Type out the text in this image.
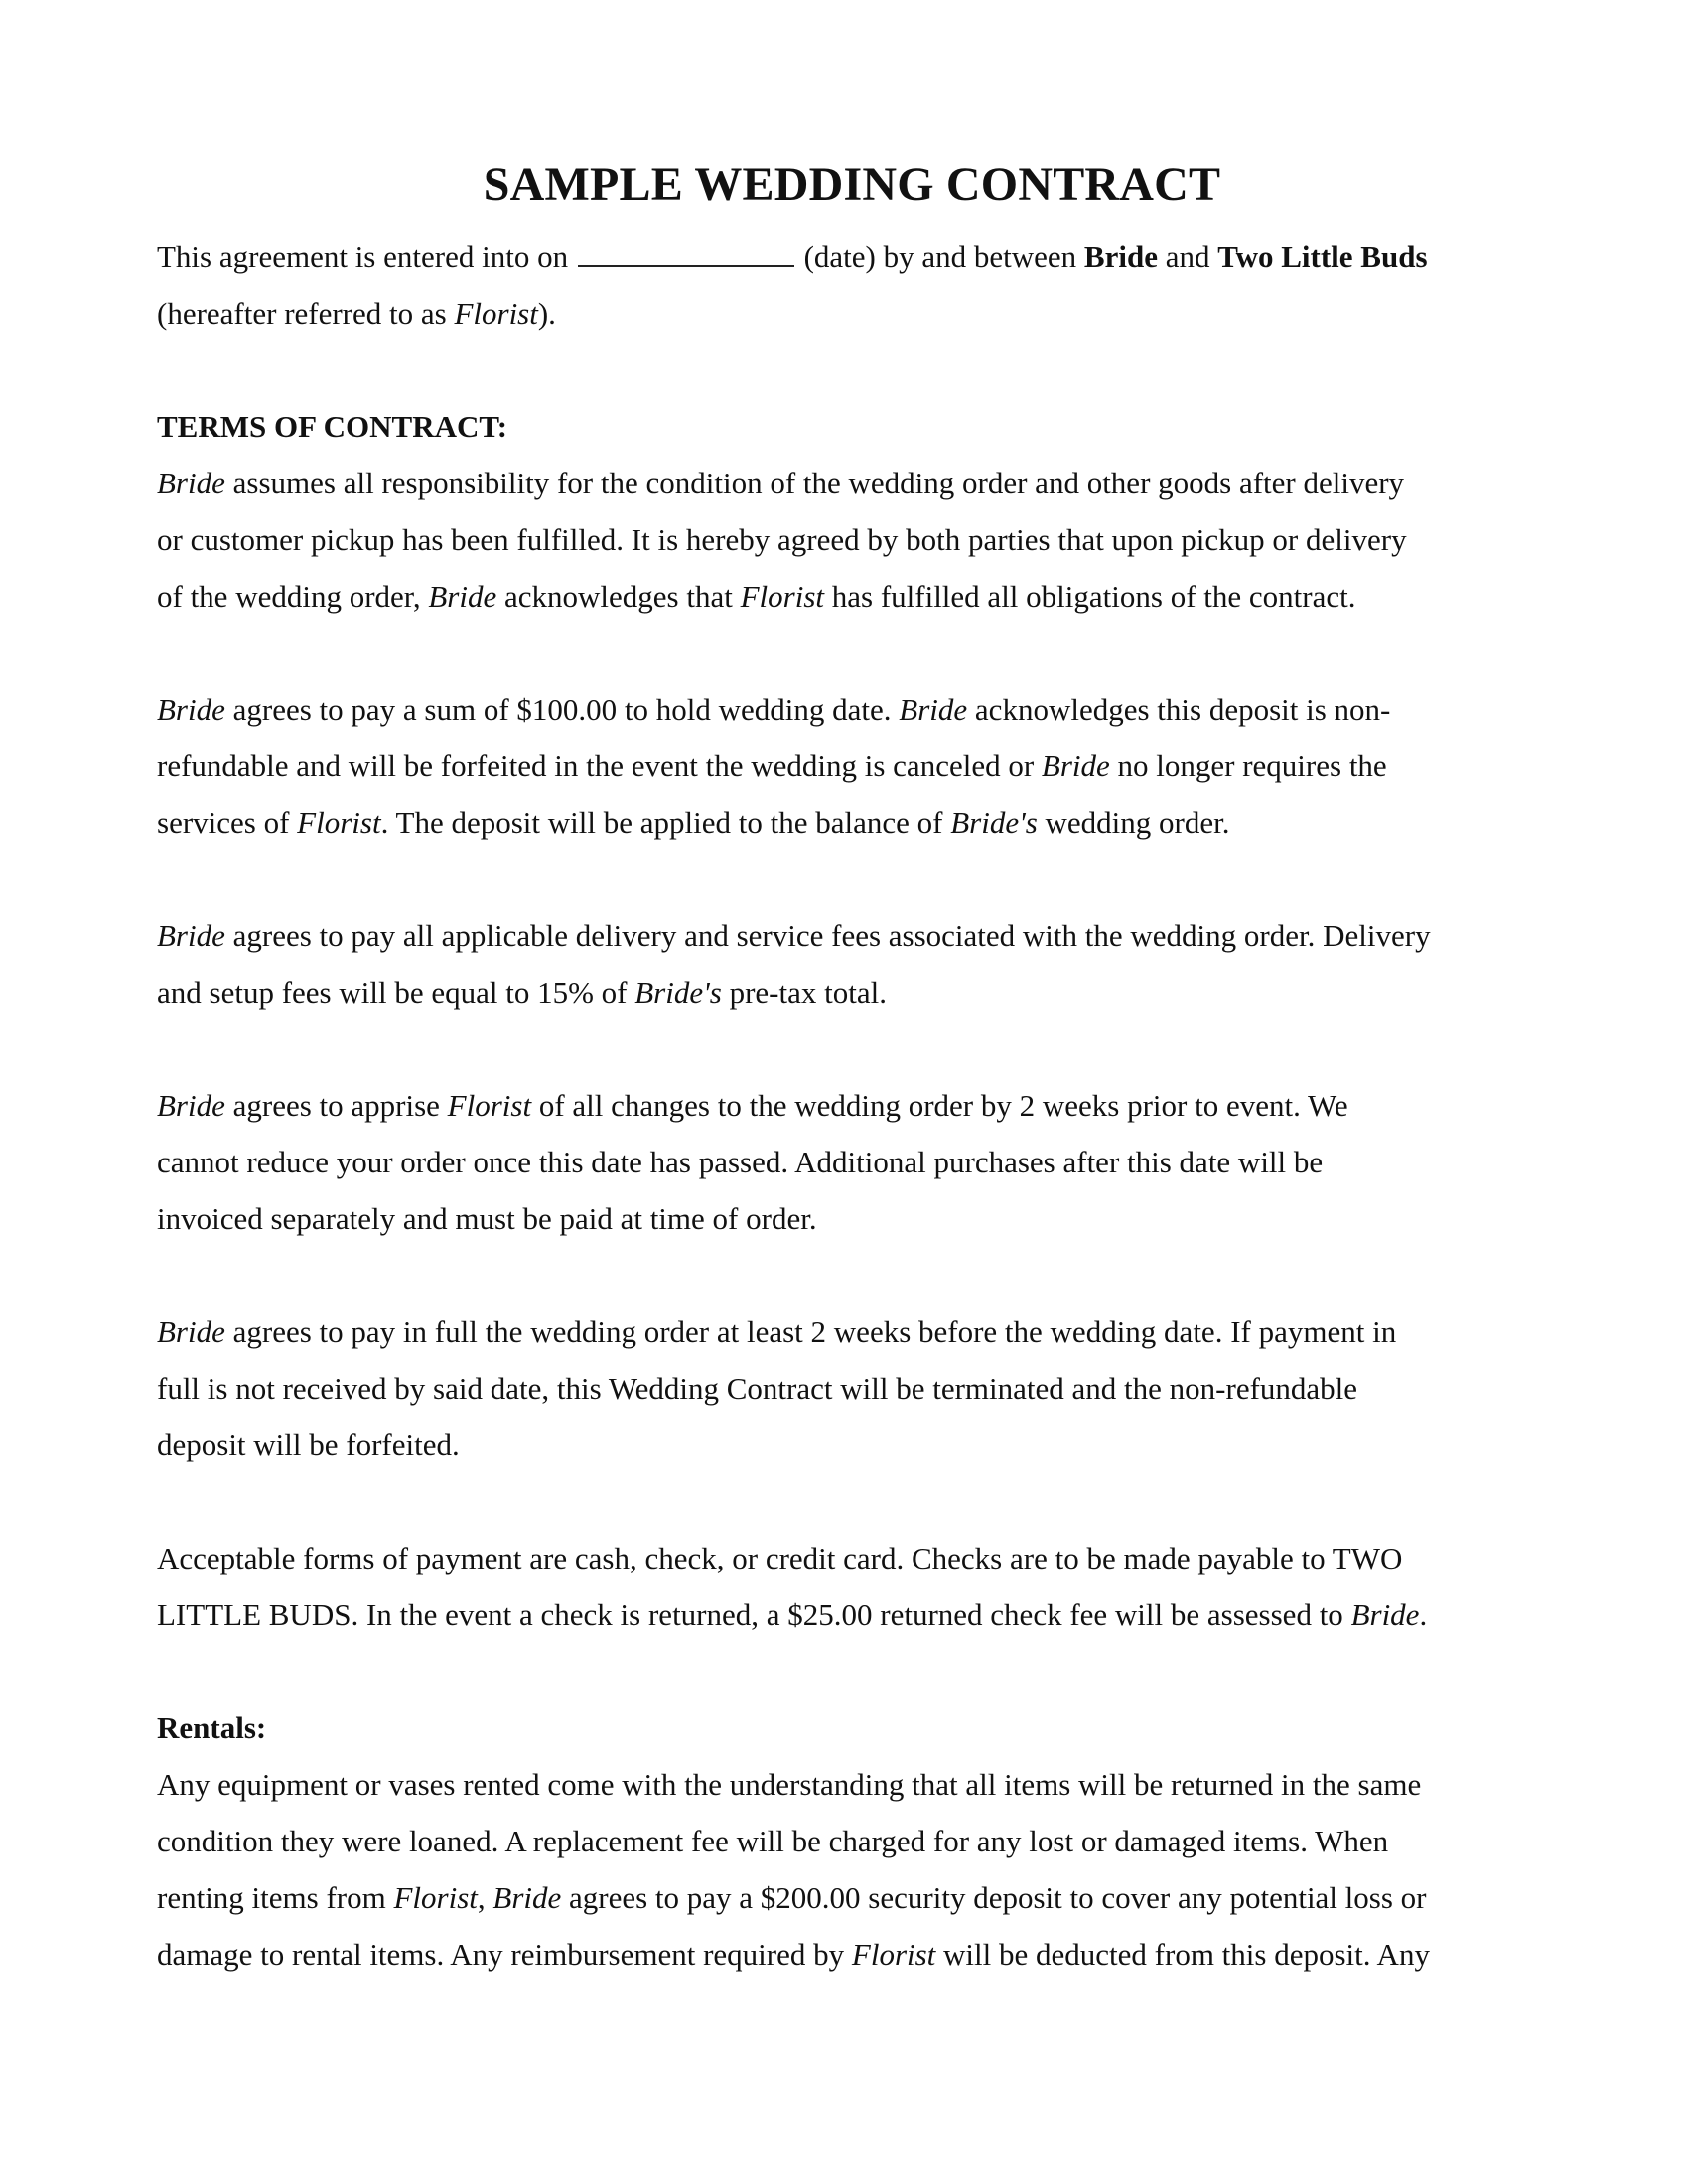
SAMPLE WEDDING CONTRACT

This agreement is entered into on	(date) by and between Bride and Two Little Buds
(hereafter referred to as Florist).

TERMS OF CONTRACT:

Bride assumes all responsibility for the condition of the wedding order and other goods after delivery
or customer pickup has been fulfilled. It is hereby agreed by both parties that upon pickup or delivery
of the wedding order, Bride acknowledges that Florist has fulfilled all obligations of the contract.

Bride agrees to pay a sum of $100.00 to hold wedding date. Bride acknowledges this deposit is non-
refundable and will be forfeited in the event the wedding is canceled or Bride no longer requires the
services of Florist. The deposit will be applied to the balance of Bride's wedding order.

Bride agrees to pay all applicable delivery and service fees associated with the wedding order. Delivery
and setup fees will be equal to 15% of Bride's pre-tax total.

Bride agrees to apprise Florist of all changes to the wedding order by 2 weeks prior to event. We
cannot reduce your order once this date has passed. Additional purchases after this date will be
invoiced separately and must be paid at time of order.

Bride agrees to pay in full the wedding order at least 2 weeks before the wedding date. If payment in
full is not received by said date, this Wedding Contract will be terminated and the non-refundable
deposit will be forfeited.

Acceptable forms of payment are cash, check, or credit card. Checks are to be made payable to TWO
LITTLE BUDS. In the event a check is returned, a $25.00 returned check fee will be assessed to Bride.

Rentals:

Any equipment or vases rented come with the understanding that all items will be returned in the same
condition they were loaned. A replacement fee will be charged for any lost or damaged items. When
renting items from Florist, Bride agrees to pay a $200.00 security deposit to cover any potential loss or
damage to rental items. Any reimbursement required by Florist will be deducted from this deposit. Any
